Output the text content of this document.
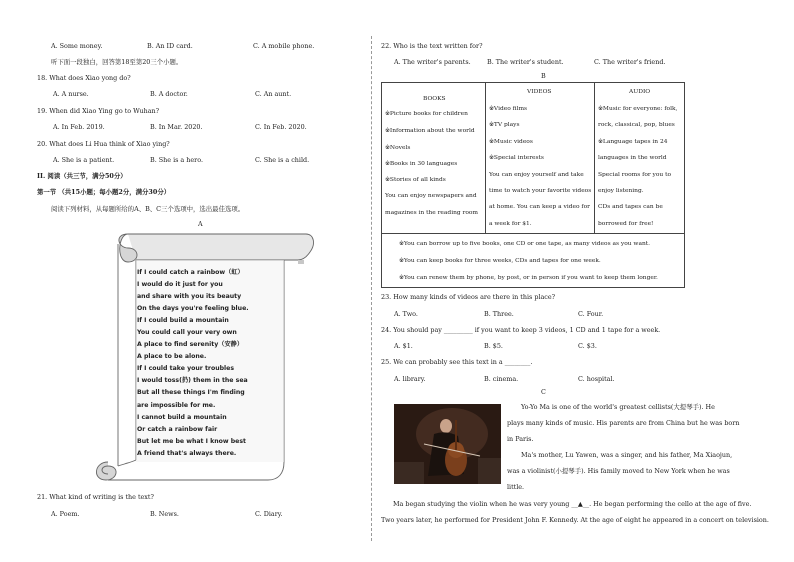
A. Some money.	B. An ID card.	C. A mobile phone.
听下面一段独白，回答第18至第20三个小题。
18. What does Xiao yong do?
A. A nurse.	B. A doctor.	C. An aunt.
19. When did Xiao Ying go to Wuhan?
A. In Feb. 2019.	B. In Mar. 2020.	C. In Feb. 2020.
20. What does Li Hua think of Xiao ying?
A. She is a patient.	B. She is a hero.	C. She is a child.
II. 阅读（共三节，满分50分）
第一节 （共15小题；每小题2分，满分30分）
阅读下列材料，从每题所给的A、B、C三个选项中，选出最佳选项。
A
If I could catch a rainbow（虹）
I would do it just for you
and share with you its beauty
On the days you're feeling blue.
If I could build a mountain
You could call your very own
A place to find serenity（安静）
A place to be alone.
If I could take your troubles
I would toss(扔) them in the sea
But all these things I'm finding
are impossible for me.
I cannot build a mountain
Or catch a rainbow fair
But let me be what I know best
A friend that's always there.
21. What kind of writing is the text?
A. Poem.	B. News.	C. Diary.
22. Who is the text written for?
A. The writer's parents.	B. The writer's student.	C. The writer's friend.
B
BOOKS
※Picture books for children
※Information about the world
※Novels
※Books in 30 languages
※Stories of all kinds
You can enjoy newspapers and
magazines in the reading room

VIDEOS
※Video films
※TV plays
※Music videos
※Special interests
You can enjoy yourself and take
time to watch your favorite videos
at home. You can keep a video for
a week for $1.

AUDIO
※Music for everyone: folk,
rock, classical, pop, blues
※Language tapes in 24
languages in the world
Special rooms for you to
enjoy listening.
CDs and tapes can be
borrowed for free!

※You can borrow up to five books, one CD or one tape, as many videos as you want.
※You can keep books for three weeks, CDs and tapes for one week.
※You can renew them by phone, by post, or in person if you want to keep them longer.
23. How many kinds of videos are there in this place?
A. Two.	B. Three.	C. Four.
24. You should pay _________ if you want to keep 3 videos, 1 CD and 1 tape for a week.
A. $1.	B. $5.	C. $3.
25. We can probably see this text in a ________.
A. library.	B. cinema.	C. hospital.
C
Yo-Yo Ma is one of the world's greatest cellists(大提琴手). He
plays many kinds of music. His parents are from China but he was born
in Paris.
Ma's mother, Lu Yawen, was a singer, and his father, Ma Xiaojun,
was a violinist(小提琴手). His family moved to New York when he was
little.
Ma began studying the violin when he was very young __▲__. He began performing the cello at the age of five.
Two years later, he performed for President John F. Kennedy. At the age of eight he appeared in a concert on television.
